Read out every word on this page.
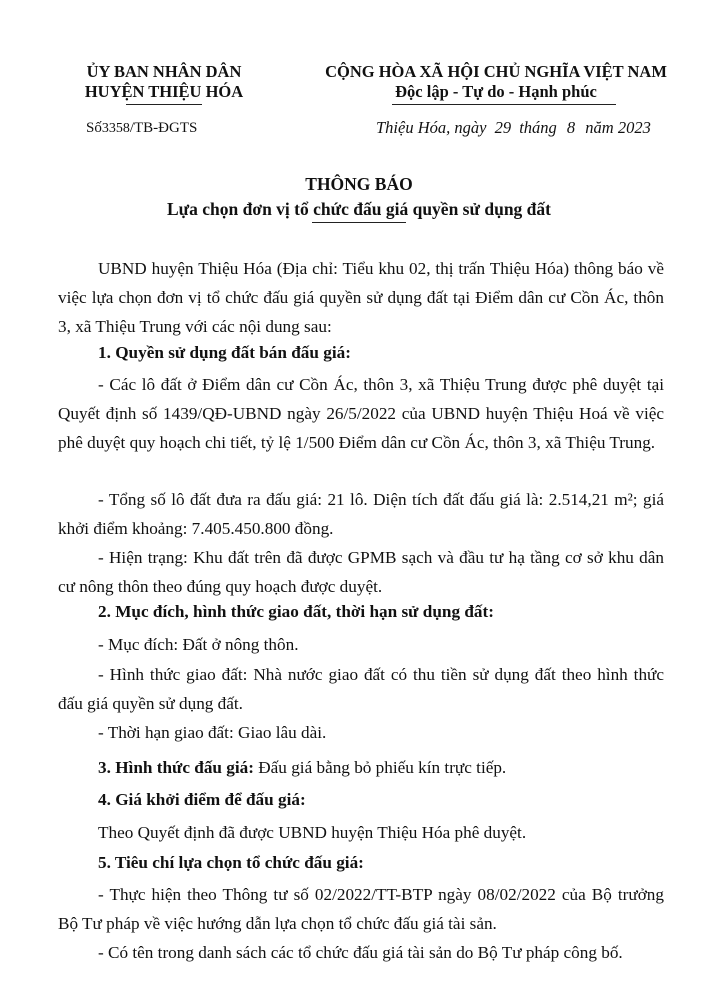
ỦY BAN NHÂN DÂN
HUYỆN THIỆU HÓA
Số3358/TB-ĐGTS
CỘNG HÒA XÃ HỘI CHỦ NGHĨA VIỆT NAM
Độc lập - Tự do - Hạnh phúc
Thiệu Hóa, ngày 29 tháng 8 năm 2023
THÔNG BÁO
Lựa chọn đơn vị tổ chức đấu giá quyền sử dụng đất
UBND huyện Thiệu Hóa (Địa chỉ: Tiểu khu 02, thị trấn Thiệu Hóa) thông báo về việc lựa chọn đơn vị tổ chức đấu giá quyền sử dụng đất tại Điểm dân cư Cồn Ác, thôn 3, xã Thiệu Trung với các nội dung sau:
1. Quyền sử dụng đất bán đấu giá:
- Các lô đất ở Điểm dân cư Cồn Ác, thôn 3, xã Thiệu Trung được phê duyệt tại Quyết định số 1439/QĐ-UBND ngày 26/5/2022 của UBND huyện Thiệu Hoá về việc phê duyệt quy hoạch chi tiết, tỷ lệ 1/500 Điểm dân cư Cồn Ác, thôn 3, xã Thiệu Trung.
- Tổng số lô đất đưa ra đấu giá: 21 lô. Diện tích đất đấu giá là: 2.514,21 m²; giá khởi điểm khoảng: 7.405.450.800 đồng.
- Hiện trạng: Khu đất trên đã được GPMB sạch và đầu tư hạ tầng cơ sở khu dân cư nông thôn theo đúng quy hoạch được duyệt.
2. Mục đích, hình thức giao đất, thời hạn sử dụng đất:
- Mục đích: Đất ở nông thôn.
- Hình thức giao đất: Nhà nước giao đất có thu tiền sử dụng đất theo hình thức đấu giá quyền sử dụng đất.
- Thời hạn giao đất: Giao lâu dài.
3. Hình thức đấu giá: Đấu giá bằng bỏ phiếu kín trực tiếp.
4. Giá khởi điểm để đấu giá:
Theo Quyết định đã được UBND huyện Thiệu Hóa phê duyệt.
5. Tiêu chí lựa chọn tổ chức đấu giá:
- Thực hiện theo Thông tư số 02/2022/TT-BTP ngày 08/02/2022 của Bộ trưởng Bộ Tư pháp về việc hướng dẫn lựa chọn tổ chức đấu giá tài sản.
- Có tên trong danh sách các tổ chức đấu giá tài sản do Bộ Tư pháp công bố.
